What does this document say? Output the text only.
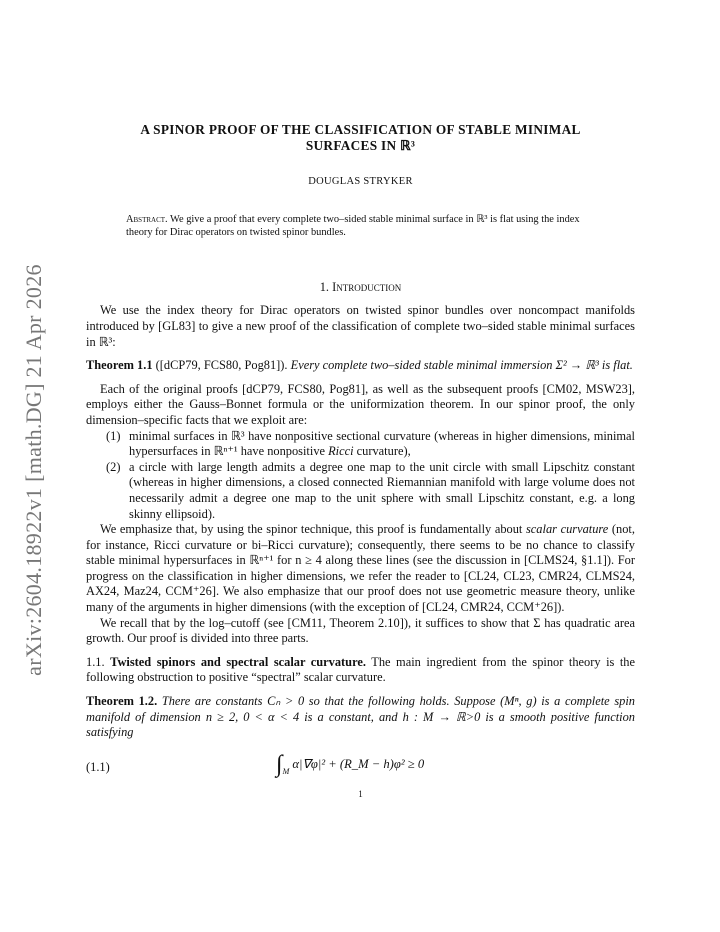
arXiv:2604.18922v1 [math.DG] 21 Apr 2026
A SPINOR PROOF OF THE CLASSIFICATION OF STABLE MINIMAL
SURFACES IN ℝ³
DOUGLAS STRYKER
Abstract. We give a proof that every complete two–sided stable minimal surface in ℝ³ is flat using the index theory for Dirac operators on twisted spinor bundles.
1. Introduction

We use the index theory for Dirac operators on twisted spinor bundles over noncompact manifolds introduced by [GL83] to give a new proof of the classification of complete two–sided stable minimal surfaces in ℝ³:

Theorem 1.1 ([dCP79, FCS80, Pog81]). Every complete two–sided stable minimal immersion Σ² → ℝ³ is flat.

Each of the original proofs [dCP79, FCS80, Pog81], as well as the subsequent proofs [CM02, MSW23], employs either the Gauss–Bonnet formula or the uniformization theorem. In our spinor proof, the only dimension–specific facts that we exploit are:

(1) minimal surfaces in ℝ³ have nonpositive sectional curvature (whereas in higher dimensions, minimal hypersurfaces in ℝⁿ⁺¹ have nonpositive Ricci curvature),
(2) a circle with large length admits a degree one map to the unit circle with small Lipschitz constant (whereas in higher dimensions, a closed connected Riemannian manifold with large volume does not necessarily admit a degree one map to the unit sphere with small Lipschitz constant, e.g. a long skinny ellipsoid).

We emphasize that, by using the spinor technique, this proof is fundamentally about scalar curvature (not, for instance, Ricci curvature or bi–Ricci curvature); consequently, there seems to be no chance to classify stable minimal hypersurfaces in ℝⁿ⁺¹ for n ≥ 4 along these lines (see the discussion in [CLMS24, §1.1]). For progress on the classification in higher dimensions, we refer the reader to [CL24, CL23, CMR24, CLMS24, AX24, Maz24, CCM⁺26]. We also emphasize that our proof does not use geometric measure theory, unlike many of the arguments in higher dimensions (with the exception of [CL24, CMR24, CCM⁺26]).

We recall that by the log–cutoff (see [CM11, Theorem 2.10]), it suffices to show that Σ has quadratic area growth. Our proof is divided into three parts.

1.1. Twisted spinors and spectral scalar curvature. The main ingredient from the spinor theory is the following obstruction to positive “spectral” scalar curvature.

Theorem 1.2. There are constants Cₙ > 0 so that the following holds. Suppose (Mⁿ, g) is a complete spin manifold of dimension n ≥ 2, 0 < α < 4 is a constant, and h : M → ℝ>0 is a smooth positive function satisfying

(1.1)	$\int_M$ α|∇φ|² + (R_M − h)φ² ≥ 0
1
